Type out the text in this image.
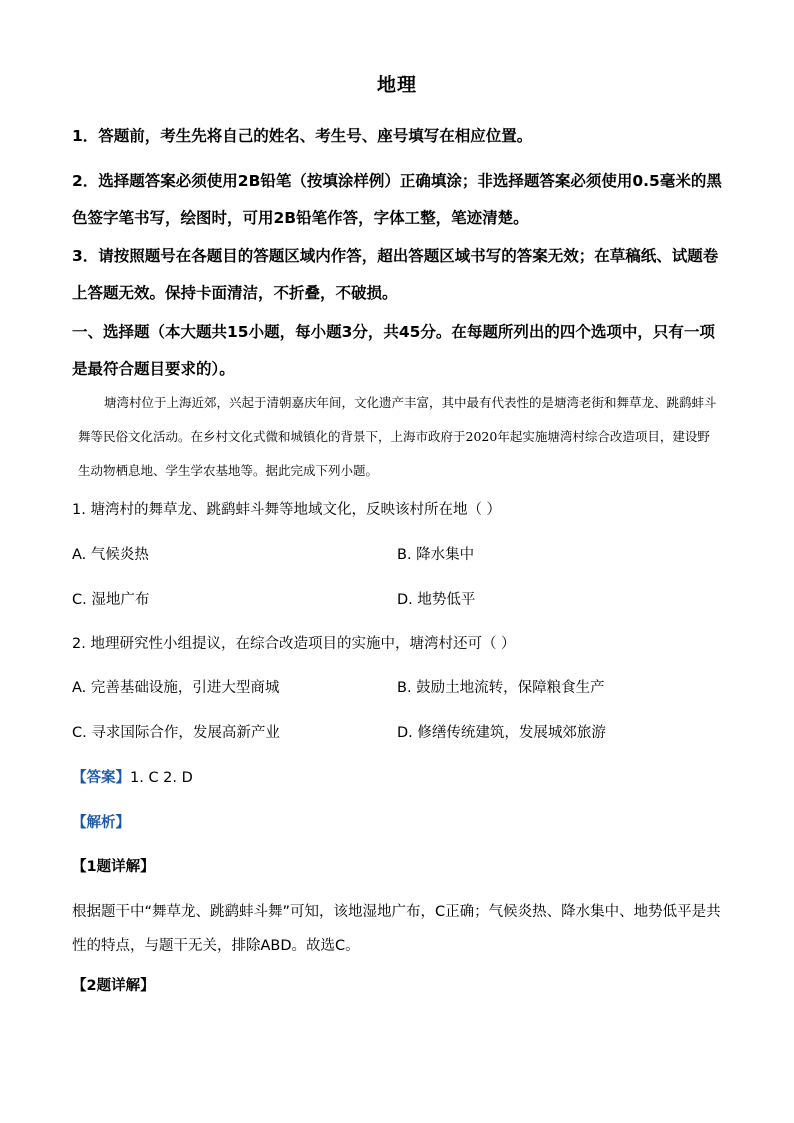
地理
1．答题前，考生先将自己的姓名、考生号、座号填写在相应位置。
2．选择题答案必须使用2B铅笔（按填涂样例）正确填涂；非选择题答案必须使用0.5毫米的黑色签字笔书写，绘图时，可用2B铅笔作答，字体工整，笔迹清楚。
3．请按照题号在各题目的答题区域内作答，超出答题区域书写的答案无效；在草稿纸、试题卷上答题无效。保持卡面清洁，不折叠，不破损。
一、选择题（本大题共15小题，每小题3分，共45分。在每题所列出的四个选项中，只有一项是最符合题目要求的）。
塘湾村位于上海近郊，兴起于清朝嘉庆年间，文化遗产丰富，其中最有代表性的是塘湾老街和舞草龙、跳鹞蚌斗舞等民俗文化活动。在乡村文化式微和城镇化的背景下，上海市政府于2020年起实施塘湾村综合改造项目，建设野生动物栖息地、学生学农基地等。据此完成下列小题。
1. 塘湾村的舞草龙、跳鹞蚌斗舞等地域文化，反映该村所在地（ ）
A. 气候炎热	B. 降水集中
C. 湿地广布	D. 地势低平
2. 地理研究性小组提议，在综合改造项目的实施中，塘湾村还可（ ）
A. 完善基础设施，引进大型商城	B. 鼓励土地流转，保障粮食生产
C. 寻求国际合作，发展高新产业	D. 修缮传统建筑，发展城郊旅游
【答案】1. C 2. D
【解析】
【1题详解】
根据题干中“舞草龙、跳鹞蚌斗舞”可知，该地湿地广布，C正确；气候炎热、降水集中、地势低平是共性的特点，与题干无关，排除ABD。故选C。
【2题详解】
